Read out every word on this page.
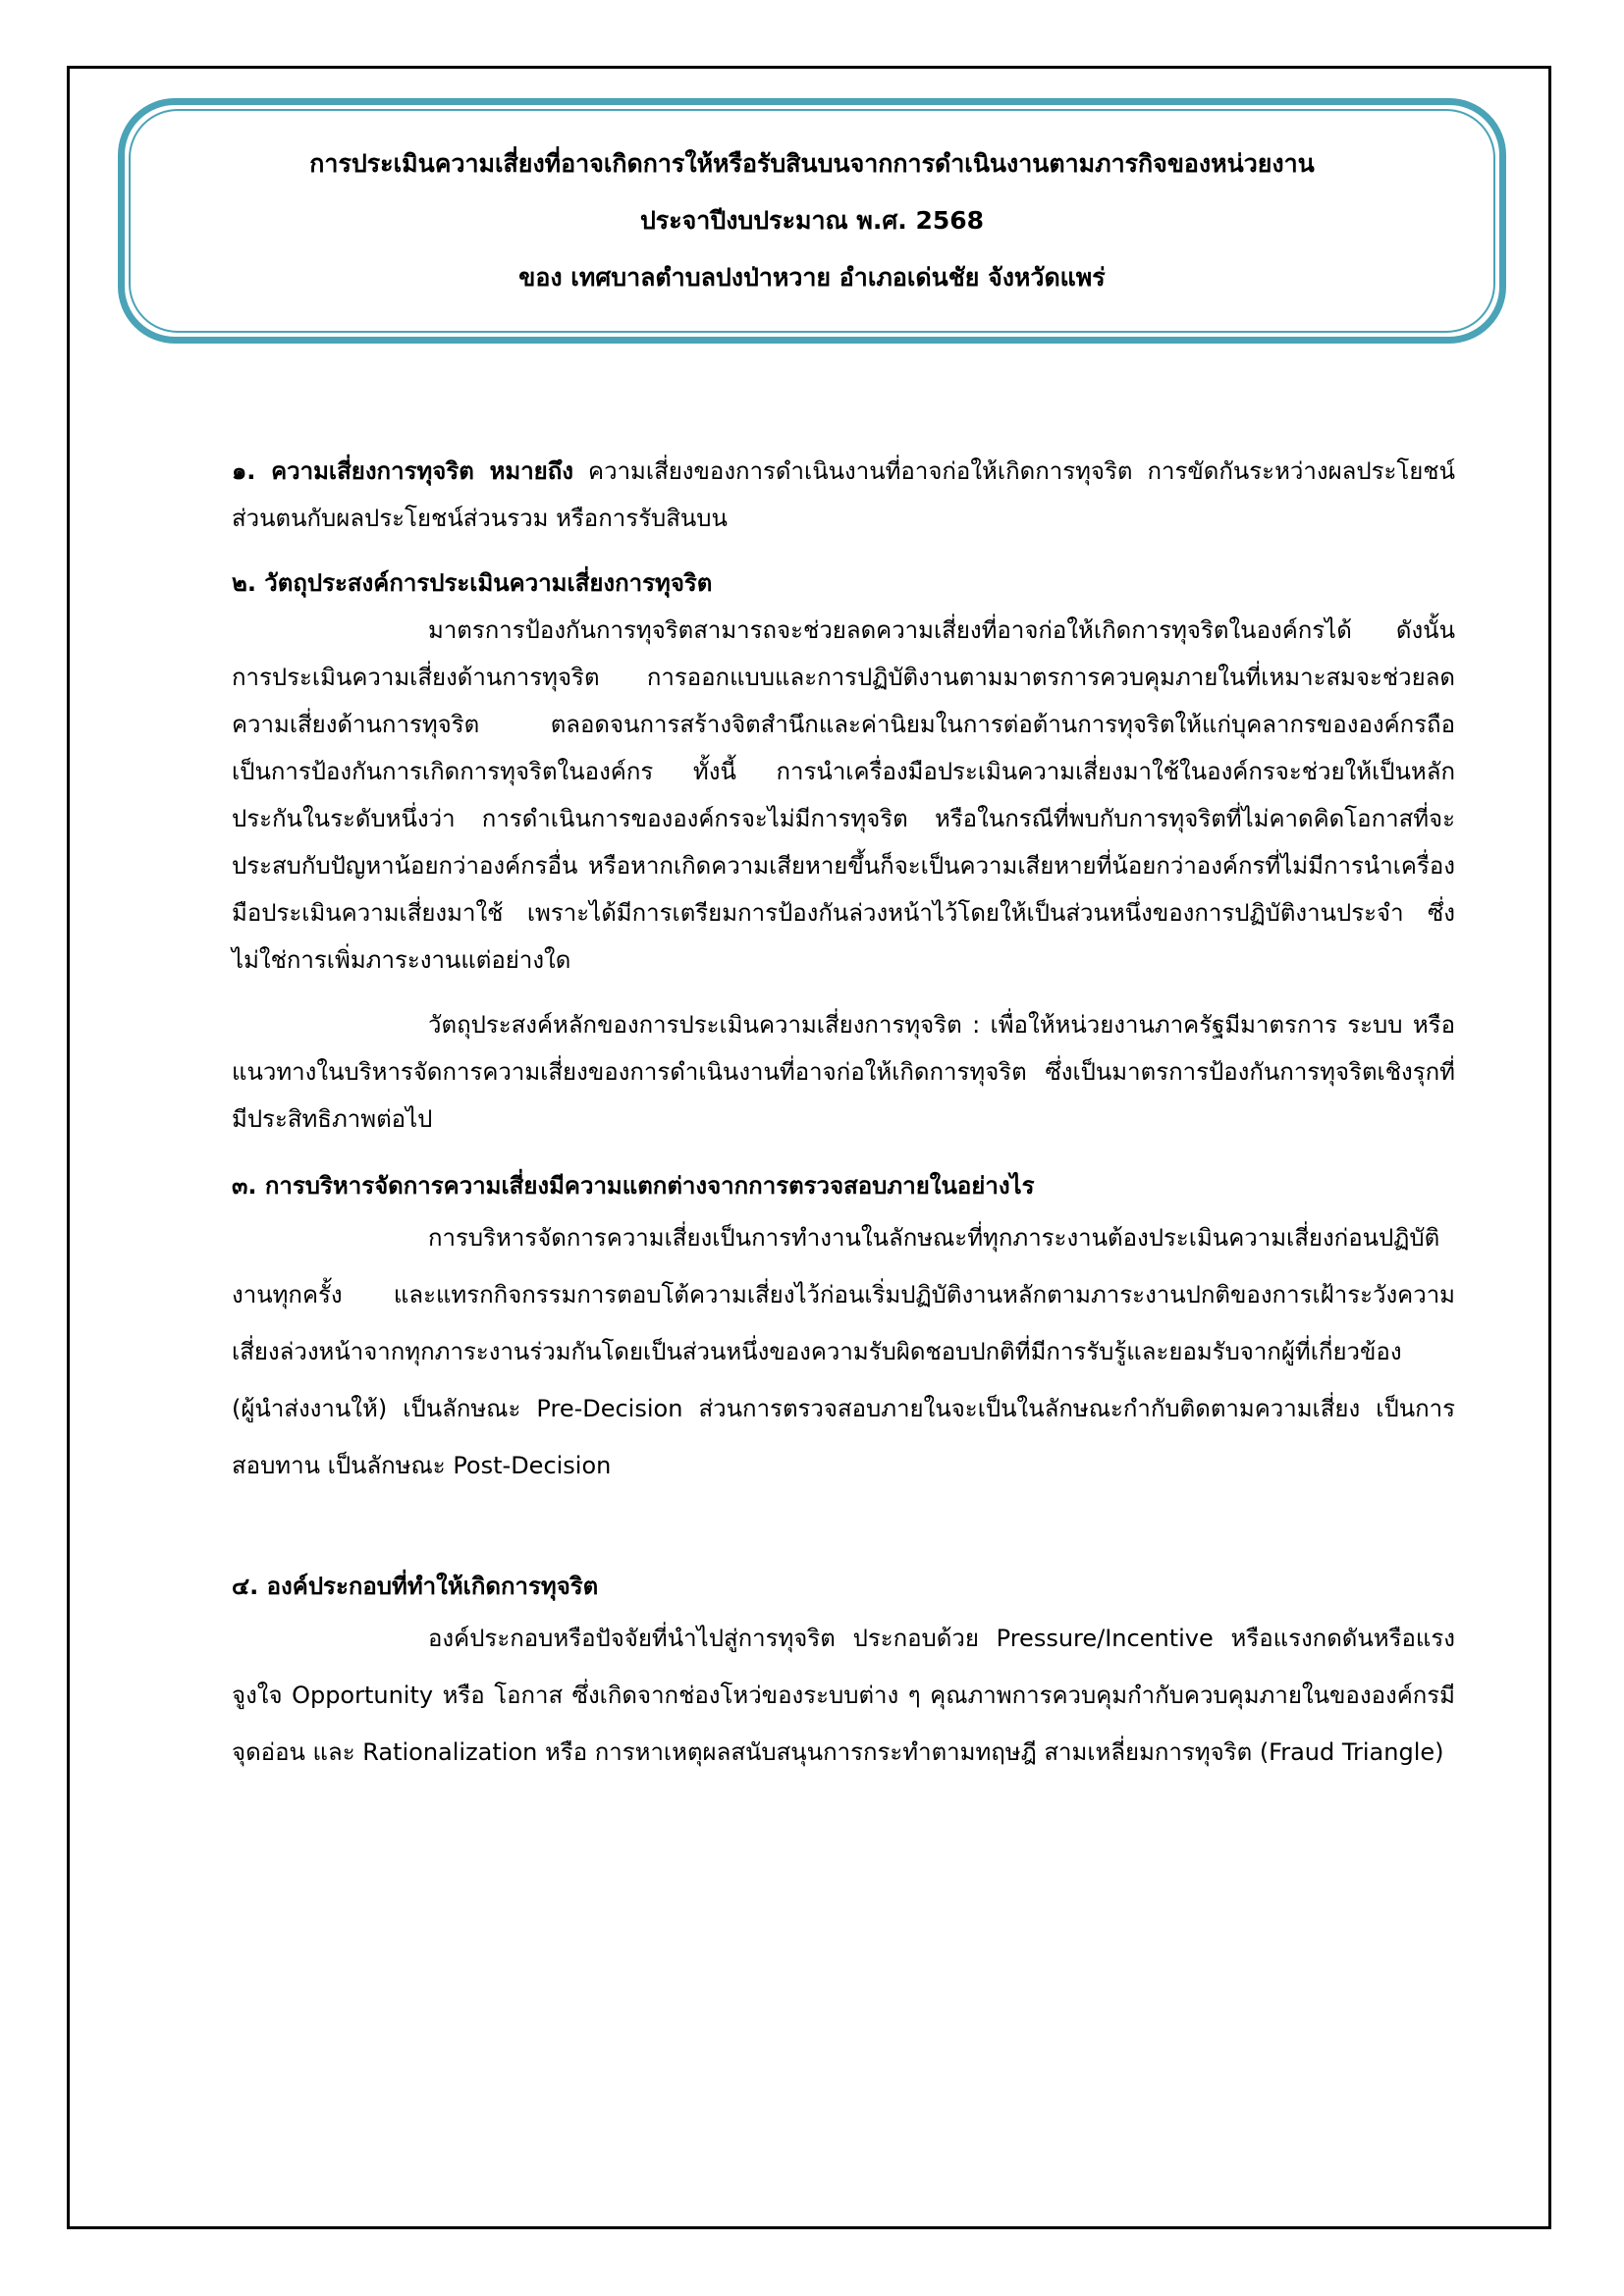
การประเมินความเสี่ยงที่อาจเกิดการให้หรือรับสินบนจากการดำเนินงานตามภารกิจของหน่วยงาน
ประจาปีงบประมาณ พ.ศ. 2568
ของ เทศบาลตำบลปงป่าหวาย อำเภอเด่นชัย จังหวัดแพร่

๑. ความเสี่ยงการทุจริต หมายถึง ความเสี่ยงของการดำเนินงานที่อาจก่อให้เกิดการทุจริต การขัดกันระหว่างผลประโยชน์ส่วนตนกับผลประโยชน์ส่วนรวม หรือการรับสินบน

๒. วัตถุประสงค์การประเมินความเสี่ยงการทุจริต

มาตรการป้องกันการทุจริตสามารถจะช่วยลดความเสี่ยงที่อาจก่อให้เกิดการทุจริตในองค์กรได้ ดังนั้น การประเมินความเสี่ยงด้านการทุจริต การออกแบบและการปฏิบัติงานตามมาตรการควบคุมภายในที่เหมาะสมจะช่วยลดความเสี่ยงด้านการทุจริต ตลอดจนการสร้างจิตสำนึกและค่านิยมในการต่อต้านการทุจริตให้แก่บุคลากรขององค์กรถือเป็นการป้องกันการเกิดการทุจริตในองค์กร ทั้งนี้ การนำเครื่องมือประเมินความเสี่ยงมาใช้ในองค์กรจะช่วยให้เป็นหลักประกันในระดับหนึ่งว่า การดำเนินการขององค์กรจะไม่มีการทุจริต หรือในกรณีที่พบกับการทุจริตที่ไม่คาดคิดโอกาสที่จะประสบกับปัญหาน้อยกว่าองค์กรอื่น หรือหากเกิดความเสียหายขึ้นก็จะเป็นความเสียหายที่น้อยกว่าองค์กรที่ไม่มีการนำเครื่องมือประเมินความเสี่ยงมาใช้ เพราะได้มีการเตรียมการป้องกันล่วงหน้าไว้โดยให้เป็นส่วนหนึ่งของการปฏิบัติงานประจำ ซึ่งไม่ใช่การเพิ่มภาระงานแต่อย่างใด

วัตถุประสงค์หลักของการประเมินความเสี่ยงการทุจริต : เพื่อให้หน่วยงานภาครัฐมีมาตรการ ระบบ หรือ แนวทางในบริหารจัดการความเสี่ยงของการดำเนินงานที่อาจก่อให้เกิดการทุจริต ซึ่งเป็นมาตรการป้องกันการทุจริตเชิงรุกที่มีประสิทธิภาพต่อไป

๓. การบริหารจัดการความเสี่ยงมีความแตกต่างจากการตรวจสอบภายในอย่างไร

การบริหารจัดการความเสี่ยงเป็นการทำงานในลักษณะที่ทุกภาระงานต้องประเมินความเสี่ยงก่อนปฏิบัติงานทุกครั้ง และแทรกกิจกรรมการตอบโต้ความเสี่ยงไว้ก่อนเริ่มปฏิบัติงานหลักตามภาระงานปกติของการเฝ้าระวังความเสี่ยงล่วงหน้าจากทุกภาระงานร่วมกันโดยเป็นส่วนหนึ่งของความรับผิดชอบปกติที่มีการรับรู้และยอมรับจากผู้ที่เกี่ยวข้อง (ผู้นำส่งงานให้) เป็นลักษณะ Pre-Decision ส่วนการตรวจสอบภายในจะเป็นในลักษณะกำกับติดตามความเสี่ยง เป็นการสอบทาน เป็นลักษณะ Post-Decision

๔. องค์ประกอบที่ทำให้เกิดการทุจริต

องค์ประกอบหรือปัจจัยที่นำไปสู่การทุจริต ประกอบด้วย Pressure/Incentive หรือแรงกดดันหรือแรงจูงใจ Opportunity หรือ โอกาส ซึ่งเกิดจากช่องโหว่ของระบบต่าง ๆ คุณภาพการควบคุมกำกับควบคุมภายในขององค์กรมีจุดอ่อน และ Rationalization หรือ การหาเหตุผลสนับสนุนการกระทำตามทฤษฎี สามเหลี่ยมการทุจริต (Fraud Triangle)
